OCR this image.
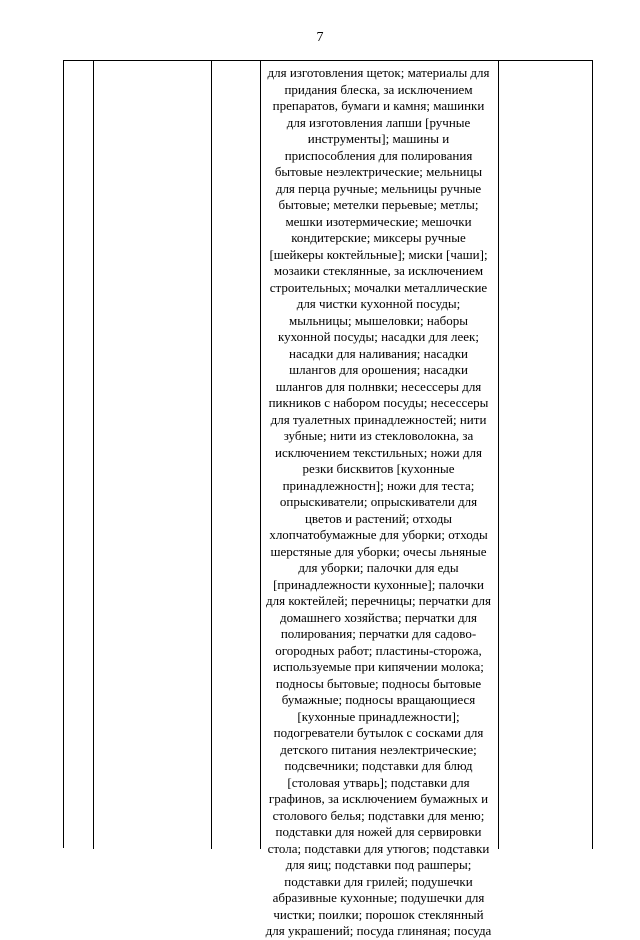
7
для изготовления щеток; материалы для
придания блеска, за исключением
препаратов, бумаги и камня; машинки
для изготовления лапши [ручные
инструменты]; машины и
приспособления для полирования
бытовые неэлектрические; мельницы
для перца ручные; мельницы ручные
бытовые; метелки перьевые; метлы;
мешки изотермические; мешочки
кондитерские; миксеры ручные
[шейкеры коктейльные]; миски [чаши];
мозаики стеклянные, за исключением
строительных; мочалки металлические
для чистки кухонной посуды;
мыльницы; мышеловки; наборы
кухонной посуды; насадки для леек;
насадки для наливания; насадки
шлангов для орошения; насадки
шлангов для полнвки; несессеры для
пикников с набором посуды; несессеры
для туалетных принадлежностей; нити
зубные; нити из стекловолокна, за
исключением текстильных; ножи для
резки бисквитов [кухонные
принадлежностн]; ножи для теста;
опрыскиватели; опрыскиватели для
цветов и растений; отходы
хлопчатобумажные для уборки; отходы
шерстяные для уборки; очесы льняные
для уборки; палочки для еды
[принадлежности кухонные]; палочки
для коктейлей; перечницы; перчатки для
домашнего хозяйства; перчатки для
полирования; перчатки для садово-
огородных работ; пластины-сторожа,
используемые при кипячении молока;
подносы бытовые; подносы бытовые
бумажные; подносы вращающиеся
[кухонные принадлежности];
подогреватели бутылок с сосками для
детского питания неэлектрические;
подсвечники; подставки для блюд
[столовая утварь]; подставки для
графинов, за исключением бумажных и
столового белья; подставки для меню;
подставки для ножей для сервировки
стола; подставки для утюгов; подставки
для яиц; подставки под рашперы;
подставки для грилей; подушечки
абразивные кухонные; подушечки для
чистки; поилки; порошок стеклянный
для украшений; посуда глиняная; посуда
